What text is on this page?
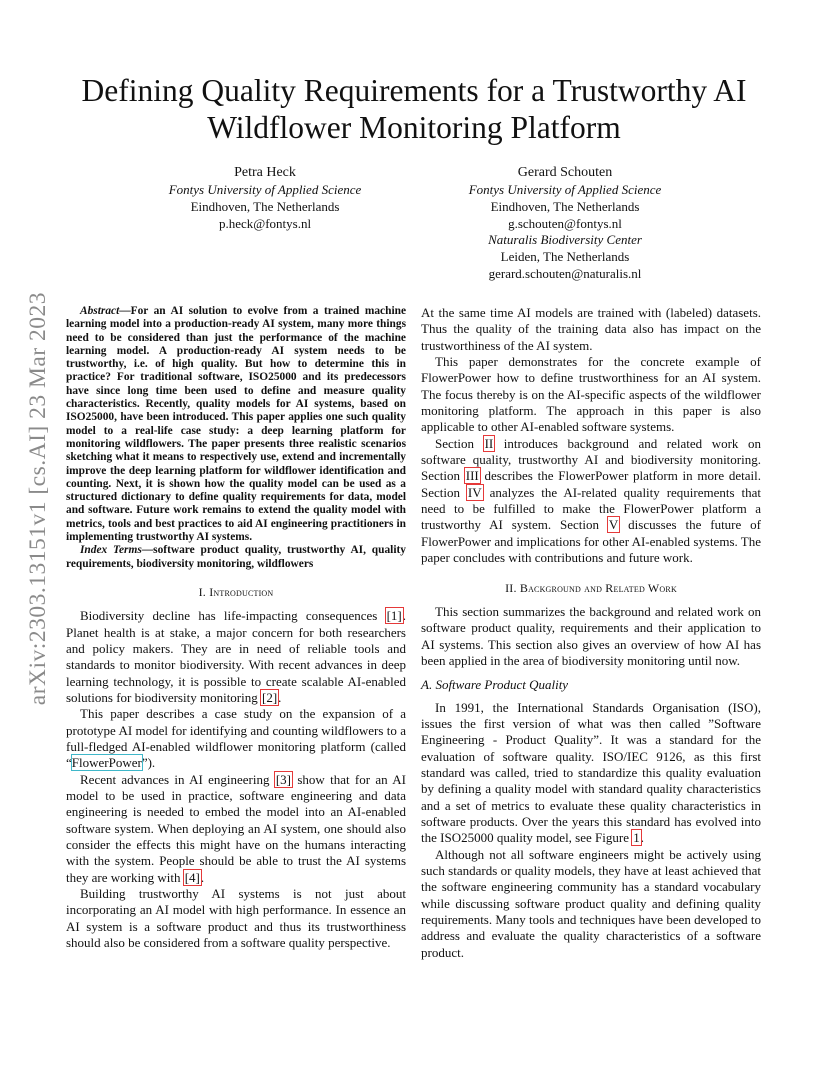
arXiv:2303.13151v1 [cs.AI] 23 Mar 2023
Defining Quality Requirements for a Trustworthy AI Wildflower Monitoring Platform
Petra Heck
Fontys University of Applied Science
Eindhoven, The Netherlands
p.heck@fontys.nl
Gerard Schouten
Fontys University of Applied Science
Eindhoven, The Netherlands
g.schouten@fontys.nl
Naturalis Biodiversity Center
Leiden, The Netherlands
gerard.schouten@naturalis.nl

Abstract—For an AI solution to evolve from a trained machine learning model into a production-ready AI system, many more things need to be considered than just the performance of the machine learning model. A production-ready AI system needs to be trustworthy, i.e. of high quality. But how to determine this in practice? For traditional software, ISO25000 and its predecessors have since long time been used to define and measure quality characteristics. Recently, quality models for AI systems, based on ISO25000, have been introduced. This paper applies one such quality model to a real-life case study: a deep learning platform for monitoring wildflowers. The paper presents three realistic scenarios sketching what it means to respectively use, extend and incrementally improve the deep learning platform for wildflower identification and counting. Next, it is shown how the quality model can be used as a structured dictionary to define quality requirements for data, model and software. Future work remains to extend the quality model with metrics, tools and best practices to aid AI engineering practitioners in implementing trustworthy AI systems.

Index Terms—software product quality, trustworthy AI, quality requirements, biodiversity monitoring, wildflowers

I. Introduction

Biodiversity decline has life-impacting consequences [1]. Planet health is at stake, a major concern for both researchers and policy makers. They are in need of reliable tools and standards to monitor biodiversity. With recent advances in deep learning technology, it is possible to create scalable AI-enabled solutions for biodiversity monitoring [2].

This paper describes a case study on the expansion of a prototype AI model for identifying and counting wildflowers to a full-fledged AI-enabled wildflower monitoring platform (called “FlowerPower”).

Recent advances in AI engineering [3] show that for an AI model to be used in practice, software engineering and data engineering is needed to embed the model into an AI-enabled software system. When deploying an AI system, one should also consider the effects this might have on the humans interacting with the system. People should be able to trust the AI systems they are working with [4].

Building trustworthy AI systems is not just about incorporating an AI model with high performance. In essence an AI system is a software product and thus its trustworthiness should also be considered from a software quality perspective.

At the same time AI models are trained with (labeled) datasets. Thus the quality of the training data also has impact on the trustworthiness of the AI system.

This paper demonstrates for the concrete example of FlowerPower how to define trustworthiness for an AI system. The focus thereby is on the AI-specific aspects of the wildflower monitoring platform. The approach in this paper is also applicable to other AI-enabled software systems.

Section II introduces background and related work on software quality, trustworthy AI and biodiversity monitoring. Section III describes the FlowerPower platform in more detail. Section IV analyzes the AI-related quality requirements that need to be fulfilled to make the FlowerPower platform a trustworthy AI system. Section V discusses the future of FlowerPower and implications for other AI-enabled systems. The paper concludes with contributions and future work.

II. Background and Related Work

This section summarizes the background and related work on software product quality, requirements and their application to AI systems. This section also gives an overview of how AI has been applied in the area of biodiversity monitoring until now.

A. Software Product Quality

In 1991, the International Standards Organisation (ISO), issues the first version of what was then called ”Software Engineering - Product Quality”. It was a standard for the evaluation of software quality. ISO/IEC 9126, as this first standard was called, tried to standardize this quality evaluation by defining a quality model with standard quality characteristics and a set of metrics to evaluate these quality characteristics in software products. Over the years this standard has evolved into the ISO25000 quality model, see Figure 1.

Although not all software engineers might be actively using such standards or quality models, they have at least achieved that the software engineering community has a standard vocabulary while discussing software product quality and defining quality requirements. Many tools and techniques have been developed to address and evaluate the quality characteristics of a software product.
